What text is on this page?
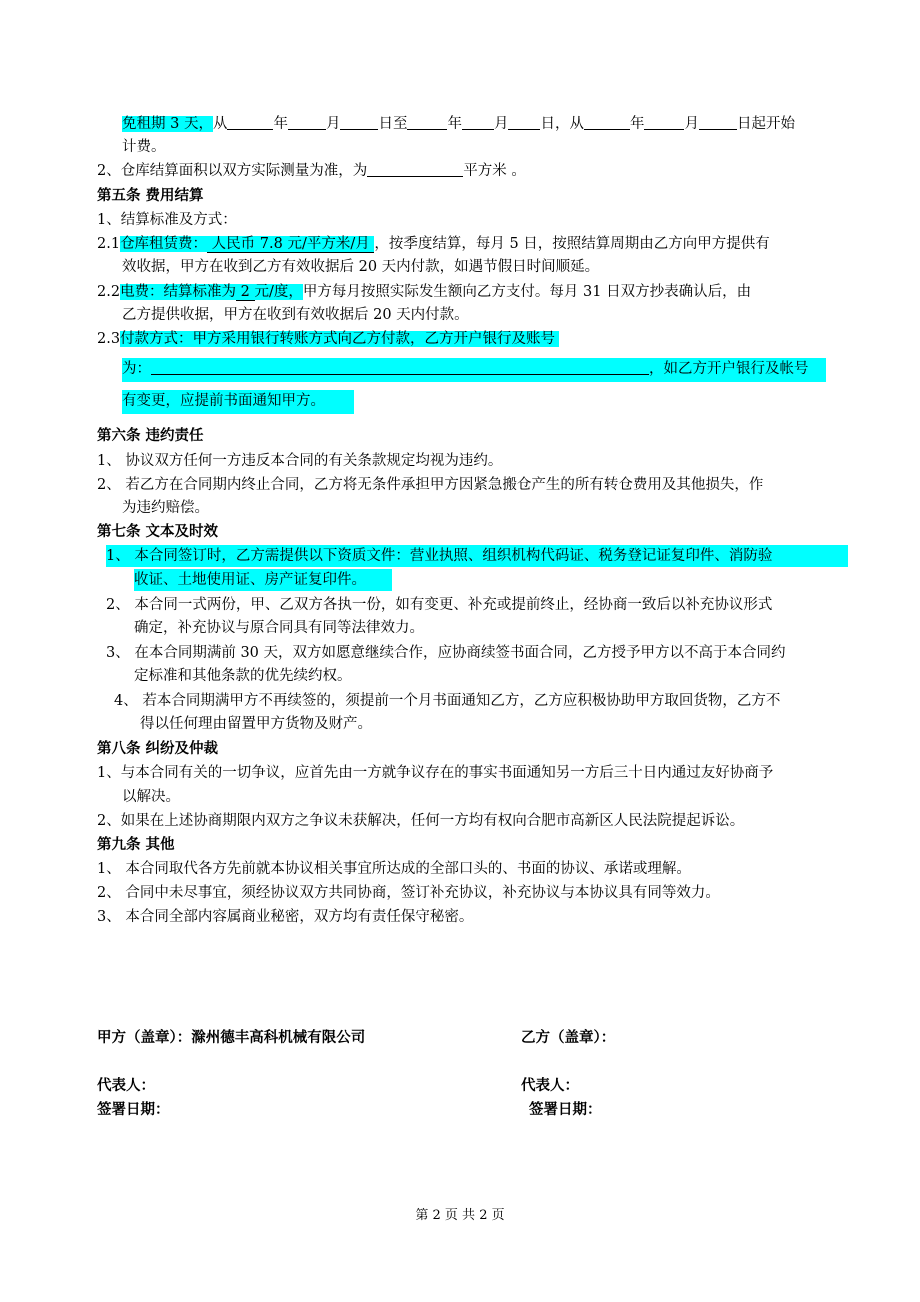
免租期 3 天，从	年	月	日至	年 月 日，从	年	月	日起开始
计费。
2、仓库结算面积以双方实际测量为准，为	平方米 。
第五条 费用结算
1、结算标准及方式：
2.1仓库租赁费： 人民币 7.8 元/平方米/月 ，按季度结算，每月 5 日，按照结算周期由乙方向甲方提供有
效收据，甲方在收到乙方有效收据后 20 天内付款，如遇节假日时间顺延。
2.2电费：结算标准为 2 元/度，甲方每月按照实际发生额向乙方支付。每月 31 日双方抄表确认后，由
乙方提供收据，甲方在收到有效收据后 20 天内付款。
2.3付款方式：甲方采用银行转账方式向乙方付款，乙方开户银行及账号
为：	，如乙方开户银行及帐号
有变更，应提前书面通知甲方。
第六条 违约责任
1、 协议双方任何一方违反本合同的有关条款规定均视为违约。
2、 若乙方在合同期内终止合同，乙方将无条件承担甲方因紧急搬仓产生的所有转仓费用及其他损失，作
为违约赔偿。
第七条 文本及时效
1、 本合同签订时，乙方需提供以下资质文件：营业执照、组织机构代码证、税务登记证复印件、消防验
收证、土地使用证、房产证复印件。
2、 本合同一式两份，甲、乙双方各执一份，如有变更、补充或提前终止，经协商一致后以补充协议形式
确定，补充协议与原合同具有同等法律效力。
3、 在本合同期满前 30 天，双方如愿意继续合作，应协商续签书面合同，乙方授予甲方以不高于本合同约
定标准和其他条款的优先续约权。
4、 若本合同期满甲方不再续签的，须提前一个月书面通知乙方，乙方应积极协助甲方取回货物，乙方不
得以任何理由留置甲方货物及财产。
第八条 纠纷及仲裁
1、与本合同有关的一切争议，应首先由一方就争议存在的事实书面通知另一方后三十日内通过友好协商予
以解决。
2、如果在上述协商期限内双方之争议未获解决，任何一方均有权向合肥市高新区人民法院提起诉讼。
第九条 其他
1、 本合同取代各方先前就本协议相关事宜所达成的全部口头的、书面的协议、承诺或理解。
2、 合同中未尽事宜，须经协议双方共同协商，签订补充协议，补充协议与本协议具有同等效力。
3、 本合同全部内容属商业秘密，双方均有责任保守秘密。
甲方（盖章）：滁州德丰高科机械有限公司	乙方（盖章）：
代表人：	代表人：
签署日期：	签署日期：
第 2 页 共 2 页
